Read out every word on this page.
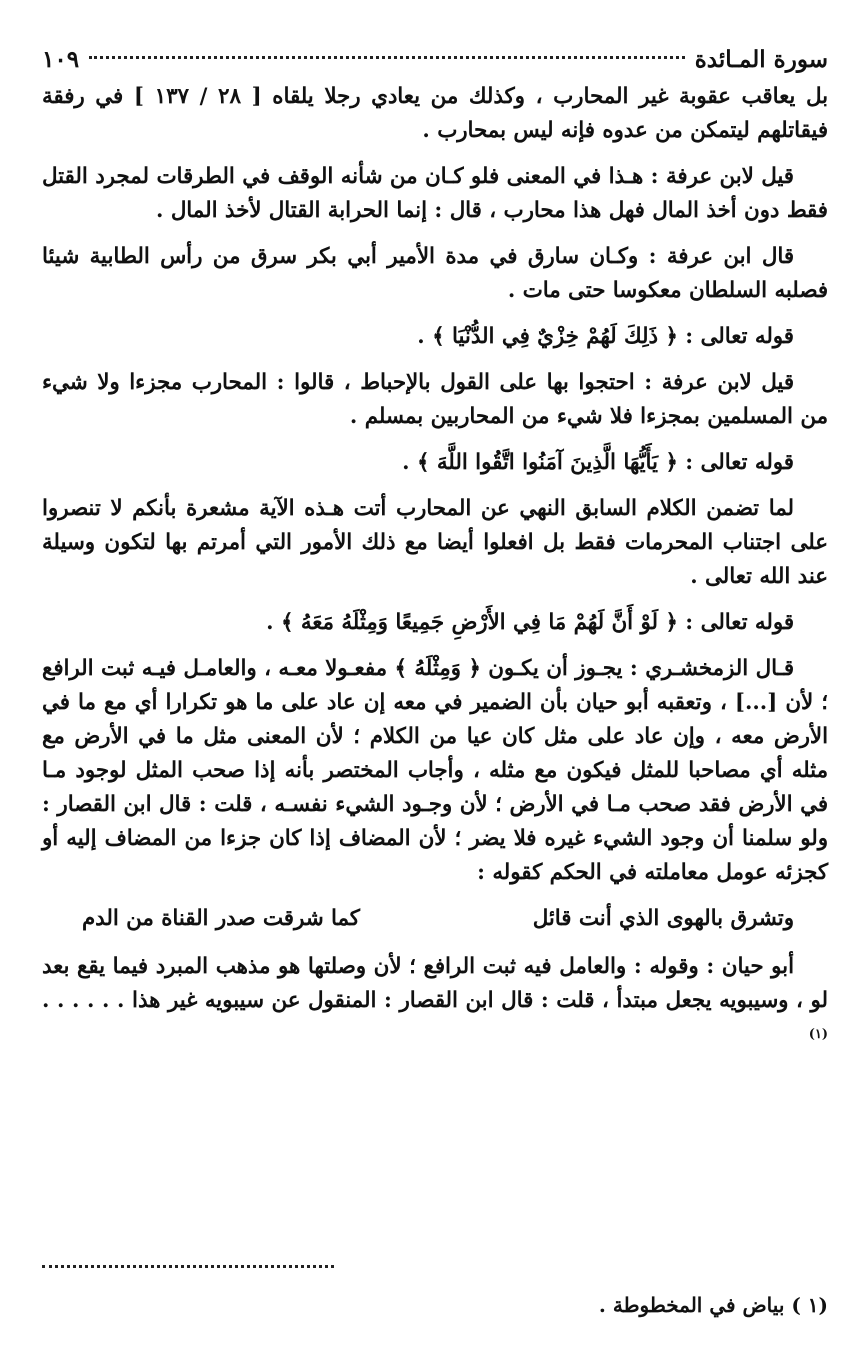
سورة المـائدة
١٠٩

بل يعاقب عقوبة غير المحارب ، وكذلك من يعادي رجلا يلقاه [ ٢٨ / ١٣٧ ] في رفقة فيقاتلهم ليتمكن من عدوه فإنه ليس بمحارب .

قيل لابن عرفة : هـذا في المعنى فلو كـان من شأنه الوقف في الطرقات لمجرد القتل فقط دون أخذ المال فهل هذا محارب ، قال : إنما الحرابة القتال لأخذ المال .

قال ابن عرفة : وكـان سارق في مدة الأمير أبي بكر سرق من رأس الطابية شيئا فصلبه السلطان معكوسا حتى مات .

قوله تعالى : ﴿ ذَلِكَ لَهُمْ خِزْيٌ فِي الدُّنْيَا ﴾ .

قيل لابن عرفة : احتجوا بها على القول بالإحباط ، قالوا : المحارب مجزءا ولا شيء من المسلمين بمجزءا فلا شيء من المحاربين بمسلم .

قوله تعالى : ﴿ يَأَيُّهَا الَّذِينَ آمَنُوا اتَّقُوا اللَّهَ ﴾ .

لما تضمن الكلام السابق النهي عن المحارب أتت هـذه الآية مشعرة بأنكم لا تنصروا على اجتناب المحرمات فقط بل افعلوا أيضا مع ذلك الأمور التي أمرتم بها لتكون وسيلة عند الله تعالى .

قوله تعالى : ﴿ لَوْ أَنَّ لَهُمْ مَا فِي الأَرْضِ جَمِيعًا وَمِثْلَهُ مَعَهُ ﴾ .

قـال الزمخشـري : يجـوز أن يكـون ﴿ وَمِثْلَهُ ﴾ مفعـولا معـه ، والعامـل فيـه ثبت الرافع ؛ لأن [...] ، وتعقبه أبو حيان بأن الضمير في معه إن عاد على ما هو تكرارا أي مع ما في الأرض معه ، وإن عاد على مثل كان عيا من الكلام ؛ لأن المعنى مثل ما في الأرض مع مثله أي مصاحبا للمثل فيكون مع مثله ، وأجاب المختصر بأنه إذا صحب المثل لوجود مـا في الأرض فقد صحب مـا في الأرض ؛ لأن وجـود الشيء نفسـه ، قلت : قال ابن القصار : ولو سلمنا أن وجود الشيء غيره فلا يضر ؛ لأن المضاف إذا كان جزءا من المضاف إليه أو كجزئه عومل معاملته في الحكم كقوله :

وتشرق بالهوى الذي أنت قائل
كما شرقت صدر القناة من الدم

أبو حيان : وقوله : والعامل فيه ثبت الرافع ؛ لأن وصلتها هو مذهب المبرد فيما يقع بعد لو ، وسيبويه يجعل مبتدأ ، قلت : قال ابن القصار : المنقول عن سيبويه غير هذا . . . . . .$^{(١)}$

(١ ) بياض في المخطوطة .
